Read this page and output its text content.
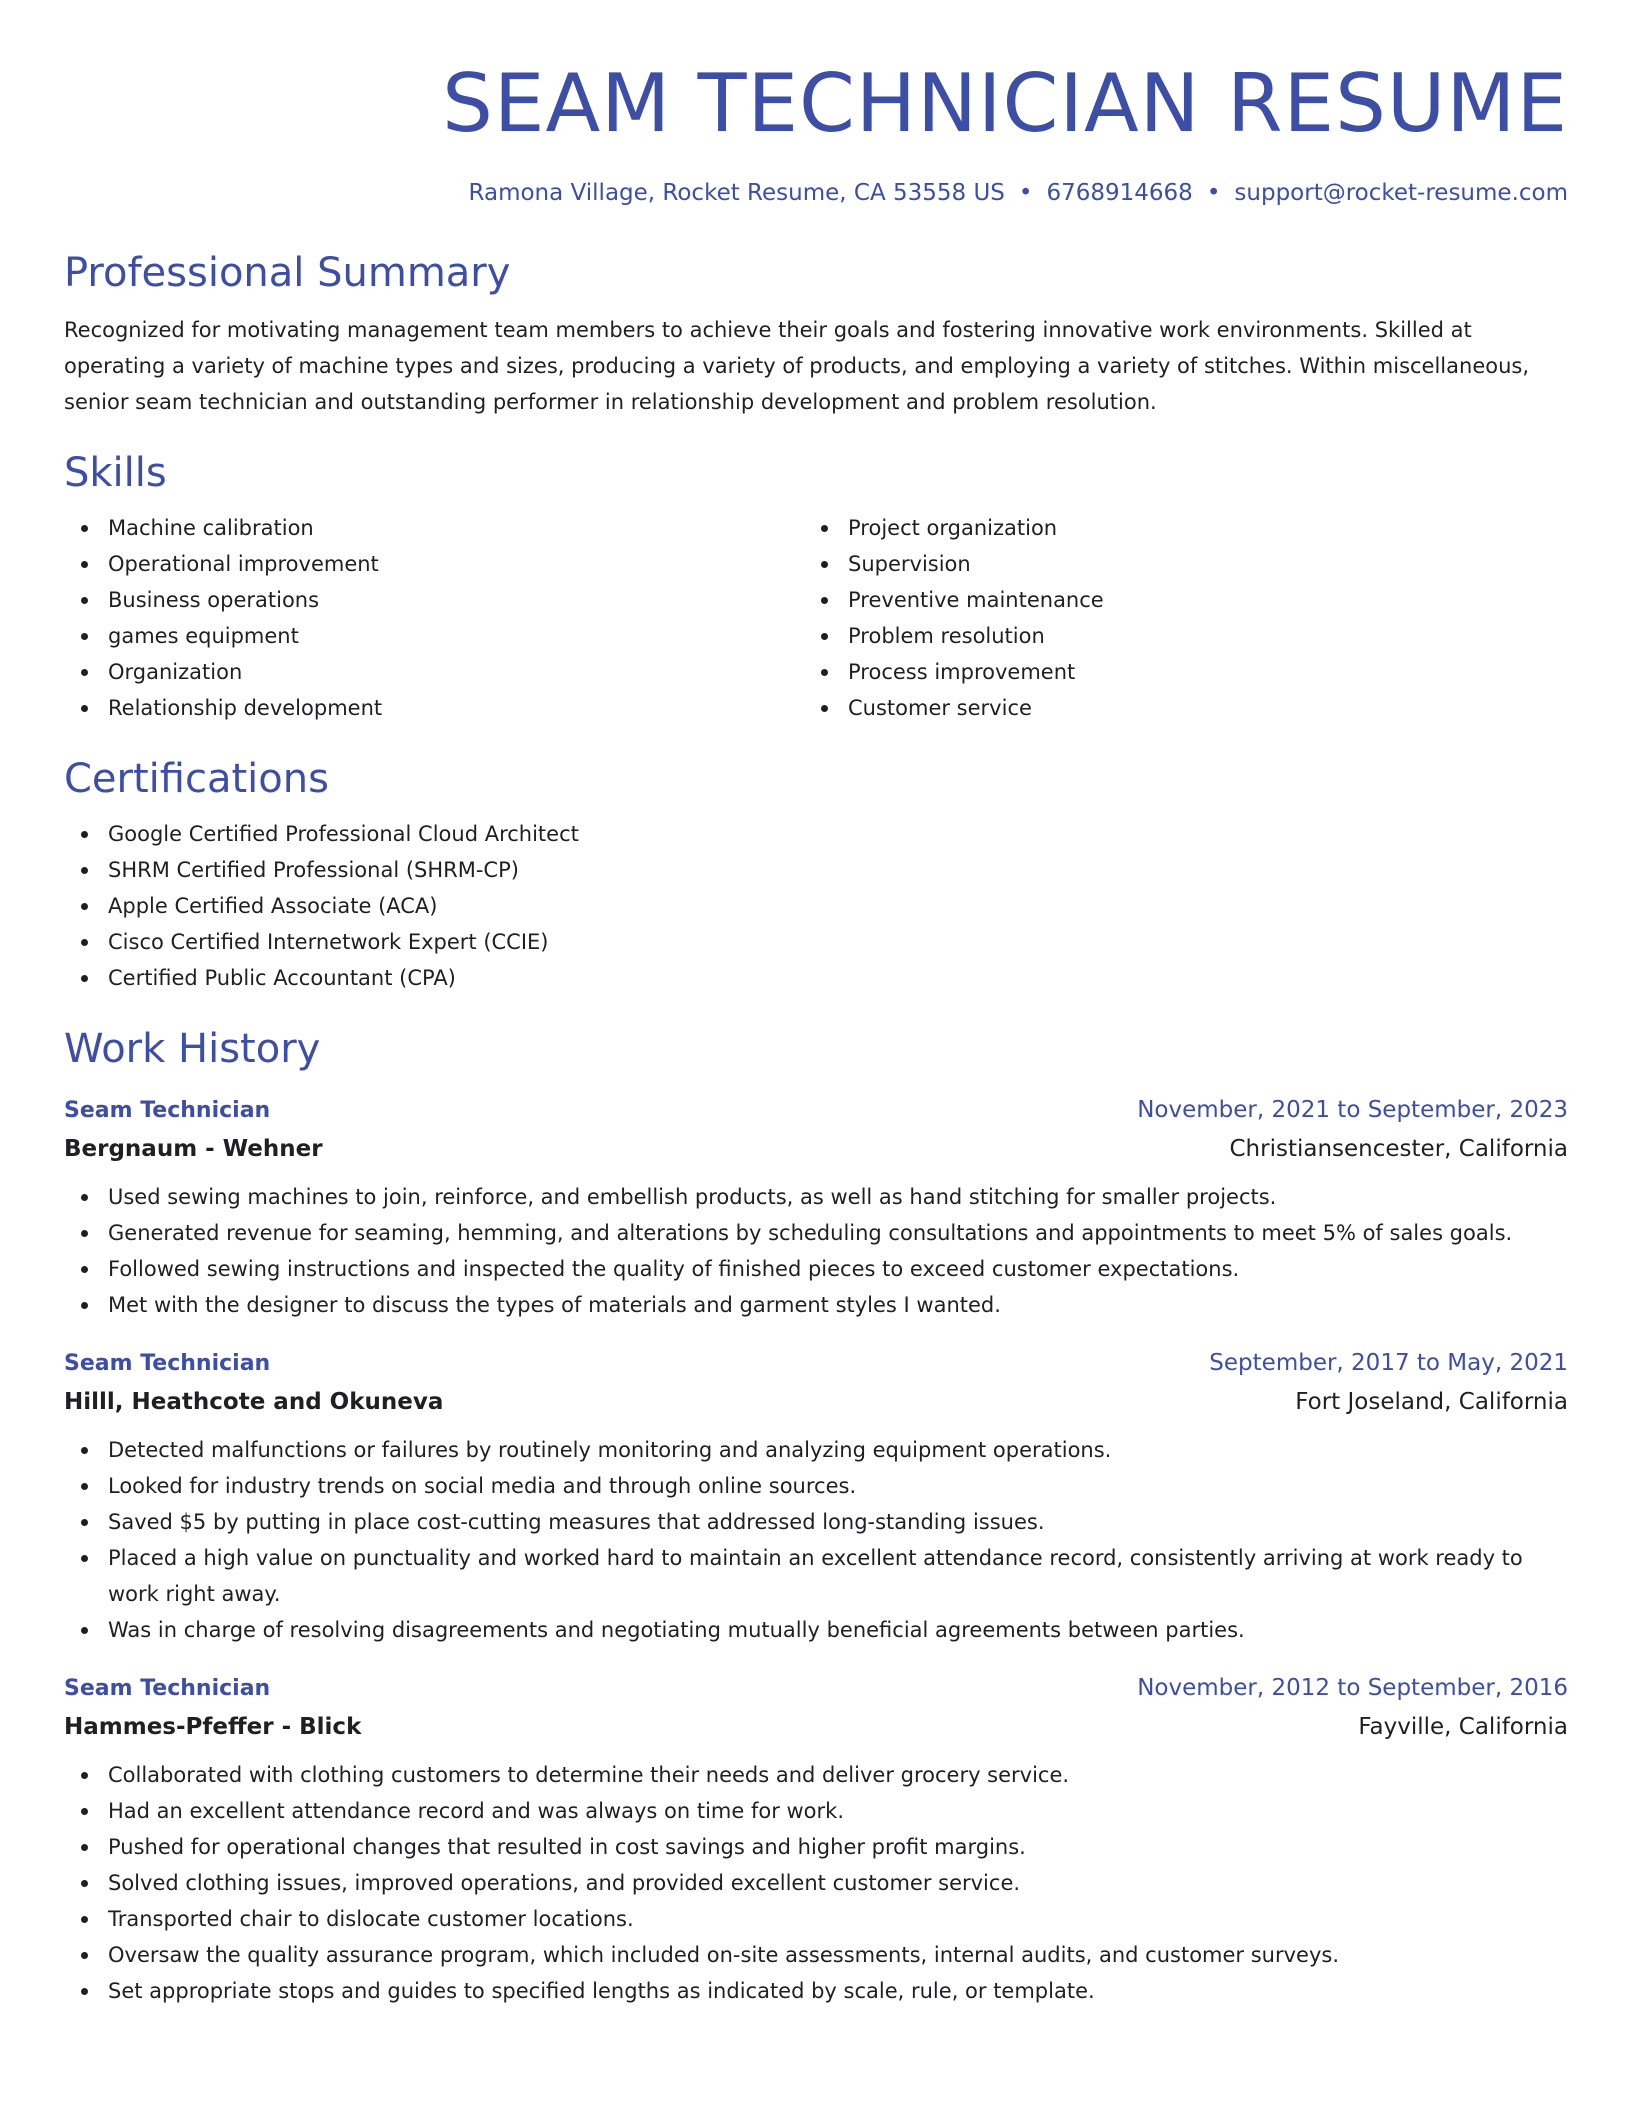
SEAM TECHNICIAN RESUME
Ramona Village, Rocket Resume, CA 53558 US • 6768914668 • support@rocket-resume.com
Professional Summary

Recognized for motivating management team members to achieve their goals and fostering innovative work environments. Skilled at operating a variety of machine types and sizes, producing a variety of products, and employing a variety of stitches. Within miscellaneous, senior seam technician and outstanding performer in relationship development and problem resolution.

Skills
Machine calibration
Operational improvement
Business operations
games equipment
Organization
Relationship development
Project organization
Supervision
Preventive maintenance
Problem resolution
Process improvement
Customer service
Certifications
Google Certified Professional Cloud Architect
SHRM Certified Professional (SHRM-CP)
Apple Certified Associate (ACA)
Cisco Certified Internetwork Expert (CCIE)
Certified Public Accountant (CPA)
Work History
Seam Technician	November, 2021 to September, 2023
Bergnaum - Wehner	Christiansencester, California
Used sewing machines to join, reinforce, and embellish products, as well as hand stitching for smaller projects.
Generated revenue for seaming, hemming, and alterations by scheduling consultations and appointments to meet 5% of sales goals.
Followed sewing instructions and inspected the quality of finished pieces to exceed customer expectations.
Met with the designer to discuss the types of materials and garment styles I wanted.
Seam Technician	September, 2017 to May, 2021
Hilll, Heathcote and Okuneva	Fort Joseland, California
Detected malfunctions or failures by routinely monitoring and analyzing equipment operations.
Looked for industry trends on social media and through online sources.
Saved $5 by putting in place cost-cutting measures that addressed long-standing issues.
Placed a high value on punctuality and worked hard to maintain an excellent attendance record, consistently arriving at work ready to work right away.
Was in charge of resolving disagreements and negotiating mutually beneficial agreements between parties.
Seam Technician	November, 2012 to September, 2016
Hammes-Pfeffer - Blick	Fayville, California
Collaborated with clothing customers to determine their needs and deliver grocery service.
Had an excellent attendance record and was always on time for work.
Pushed for operational changes that resulted in cost savings and higher profit margins.
Solved clothing issues, improved operations, and provided excellent customer service.
Transported chair to dislocate customer locations.
Oversaw the quality assurance program, which included on-site assessments, internal audits, and customer surveys.
Set appropriate stops and guides to specified lengths as indicated by scale, rule, or template.
